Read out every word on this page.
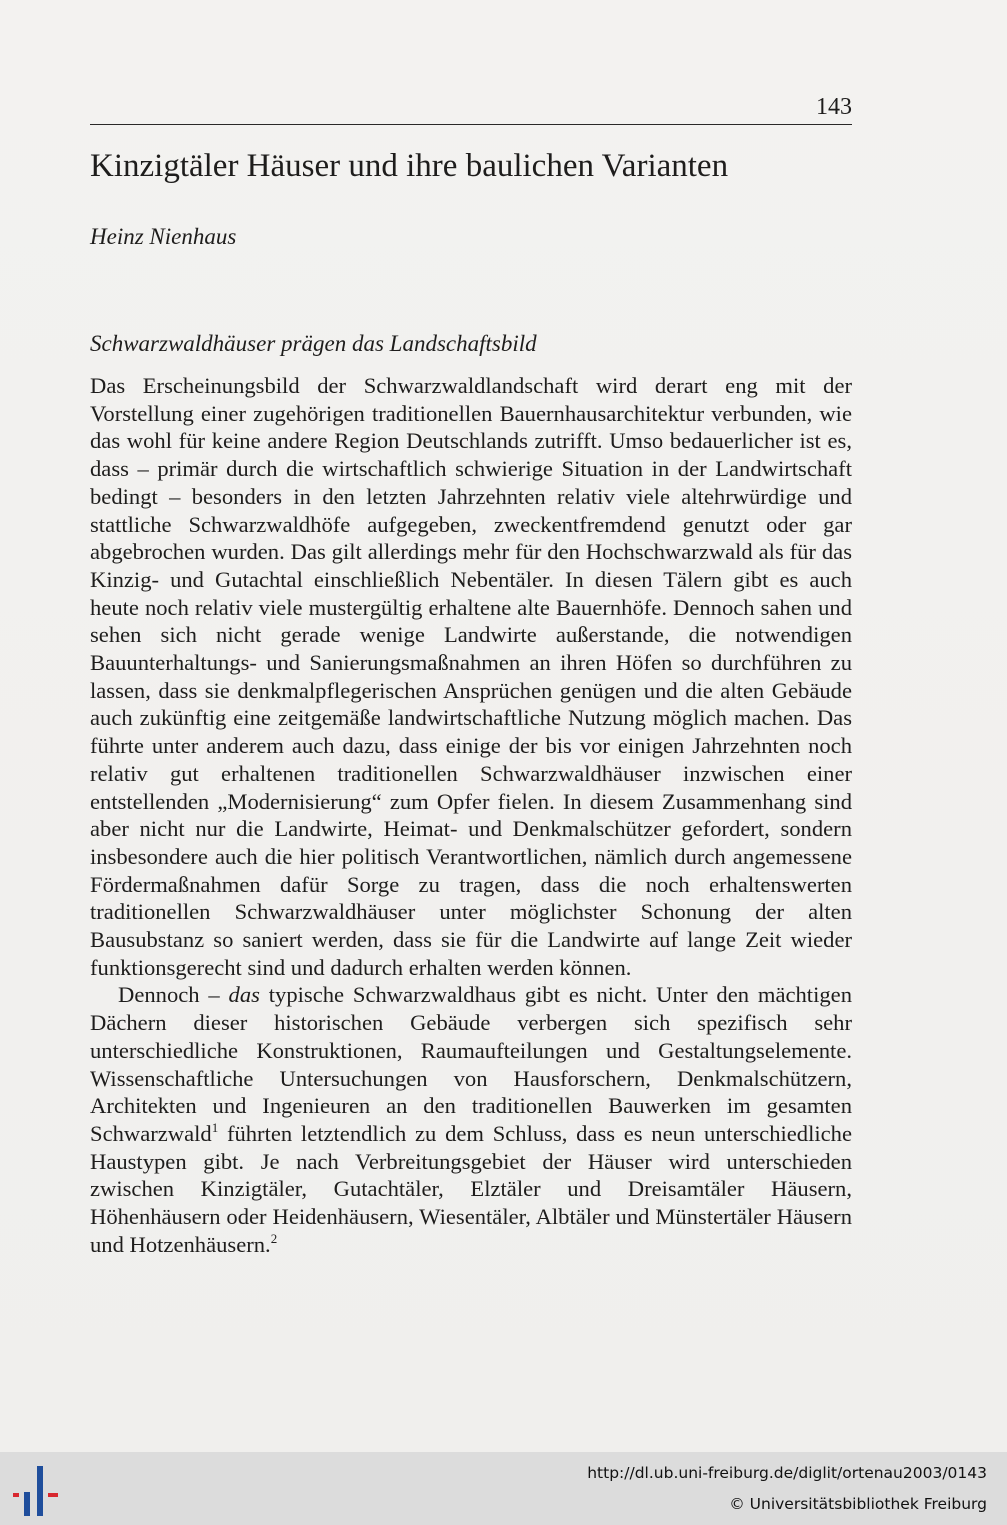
143
Kinzigtäler Häuser und ihre baulichen Varianten

Heinz Nienhaus

Schwarzwaldhäuser prägen das Landschaftsbild

Das Erscheinungsbild der Schwarzwaldlandschaft wird derart eng mit der Vorstellung einer zugehörigen traditionellen Bauernhausarchitektur verbunden, wie das wohl für keine andere Region Deutschlands zutrifft. Umso bedauerlicher ist es, dass – primär durch die wirtschaftlich schwierige Situation in der Landwirtschaft bedingt – besonders in den letzten Jahrzehnten relativ viele altehrwürdige und stattliche Schwarzwaldhöfe aufgegeben, zweckentfremdend genutzt oder gar abgebrochen wurden. Das gilt allerdings mehr für den Hochschwarzwald als für das Kinzig- und Gutachtal einschließlich Nebentäler. In diesen Tälern gibt es auch heute noch relativ viele mustergültig erhaltene alte Bauernhöfe. Dennoch sahen und sehen sich nicht gerade wenige Landwirte außerstande, die notwendigen Bauunterhaltungs- und Sanierungsmaßnahmen an ihren Höfen so durchführen zu lassen, dass sie denkmalpflegerischen Ansprüchen genügen und die alten Gebäude auch zukünftig eine zeitgemäße landwirtschaftliche Nutzung möglich machen. Das führte unter anderem auch dazu, dass einige der bis vor einigen Jahrzehnten noch relativ gut erhaltenen traditionellen Schwarzwaldhäuser inzwischen einer entstellenden „Modernisierung“ zum Opfer fielen. In diesem Zusammenhang sind aber nicht nur die Landwirte, Heimat- und Denkmalschützer gefordert, sondern insbesondere auch die hier politisch Verantwortlichen, nämlich durch angemessene Fördermaßnahmen dafür Sorge zu tragen, dass die noch erhaltenswerten traditionellen Schwarzwaldhäuser unter möglichster Schonung der alten Bausubstanz so saniert werden, dass sie für die Landwirte auf lange Zeit wieder funktionsgerecht sind und dadurch erhalten werden können.

Dennoch – das typische Schwarzwaldhaus gibt es nicht. Unter den mächtigen Dächern dieser historischen Gebäude verbergen sich spezifisch sehr unterschiedliche Konstruktionen, Raumaufteilungen und Gestaltungselemente. Wissenschaftliche Untersuchungen von Hausforschern, Denkmalschützern, Architekten und Ingenieuren an den traditionellen Bauwerken im gesamten Schwarzwald$^1$ führten letztendlich zu dem Schluss, dass es neun unterschiedliche Haustypen gibt. Je nach Verbreitungsgebiet der Häuser wird unterschieden zwischen Kinzigtäler, Gutachtäler, Elztäler und Dreisamtäler Häusern, Höhenhäusern oder Heidenhäusern, Wiesentäler, Albtäler und Münstertäler Häusern und Hotzenhäusern.$^2$

http://dl.ub.uni-freiburg.de/diglit/ortenau2003/0143
© Universitätsbibliothek Freiburg
